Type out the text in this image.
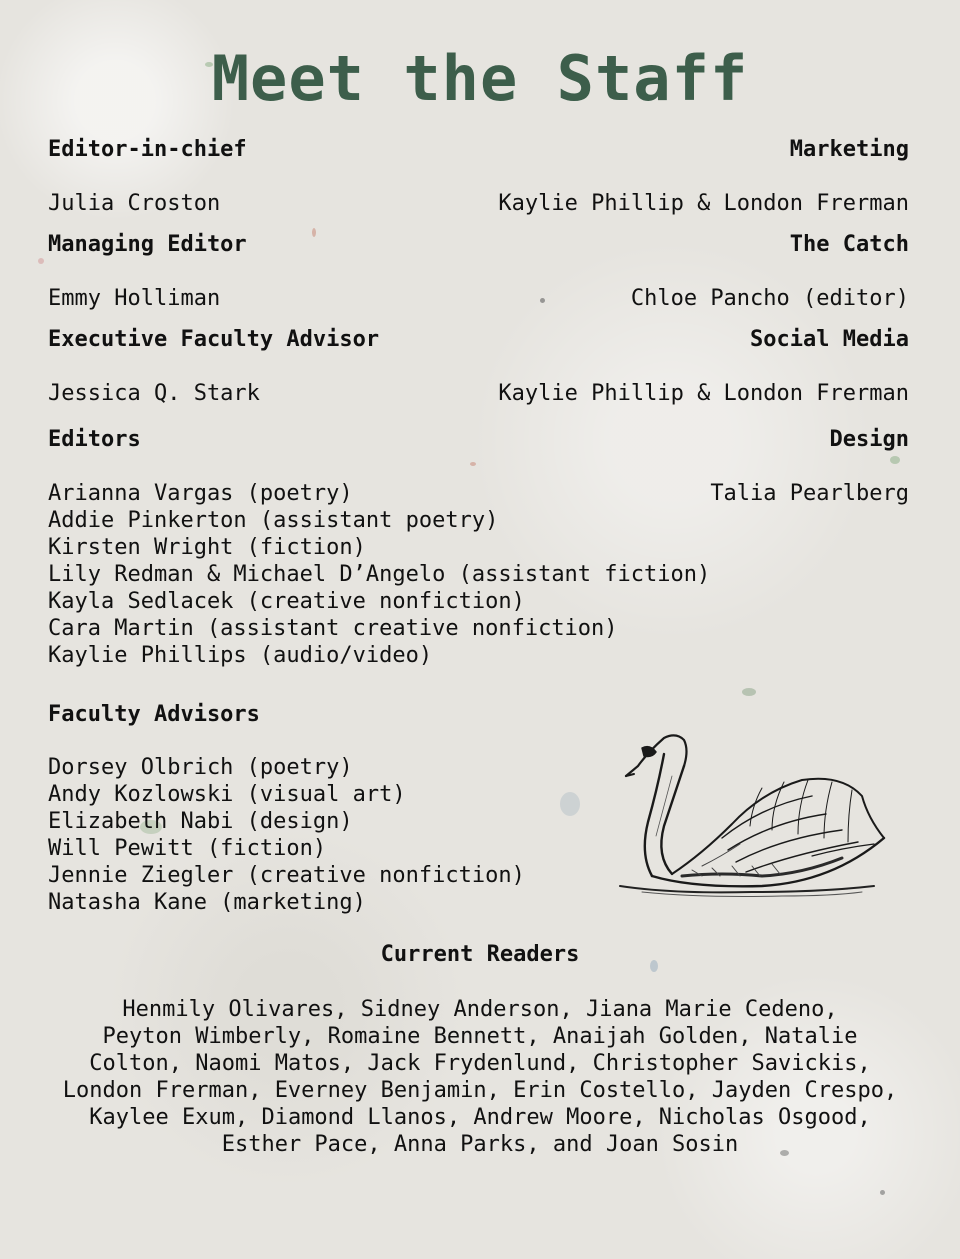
Meet the Staff
Editor-in-chief
Julia Croston
Managing Editor
Emmy Holliman
Executive Faculty Advisor
Jessica Q. Stark
Marketing
Kaylie Phillip & London Frerman
The Catch
Chloe Pancho (editor)
Social Media
Kaylie Phillip & London Frerman
Design
Talia Pearlberg
Editors
Arianna Vargas (poetry)
Addie Pinkerton (assistant poetry)
Kirsten Wright (fiction)
Lily Redman & Michael D’Angelo (assistant fiction)
Kayla Sedlacek (creative nonfiction)
Cara Martin (assistant creative nonfiction)
Kaylie Phillips (audio/video)
Faculty Advisors
Dorsey Olbrich (poetry)
Andy Kozlowski (visual art)
Elizabeth Nabi (design)
Will Pewitt (fiction)
Jennie Ziegler (creative nonfiction)
Natasha Kane (marketing)
Current Readers
Henmily Olivares, Sidney Anderson, Jiana Marie Cedeno,
Peyton Wimberly, Romaine Bennett, Anaijah Golden, Natalie
Colton, Naomi Matos, Jack Frydenlund, Christopher Savickis,
London Frerman, Everney Benjamin, Erin Costello, Jayden Crespo,
Kaylee Exum, Diamond Llanos, Andrew Moore, Nicholas Osgood,
Esther Pace, Anna Parks, and Joan Sosin
